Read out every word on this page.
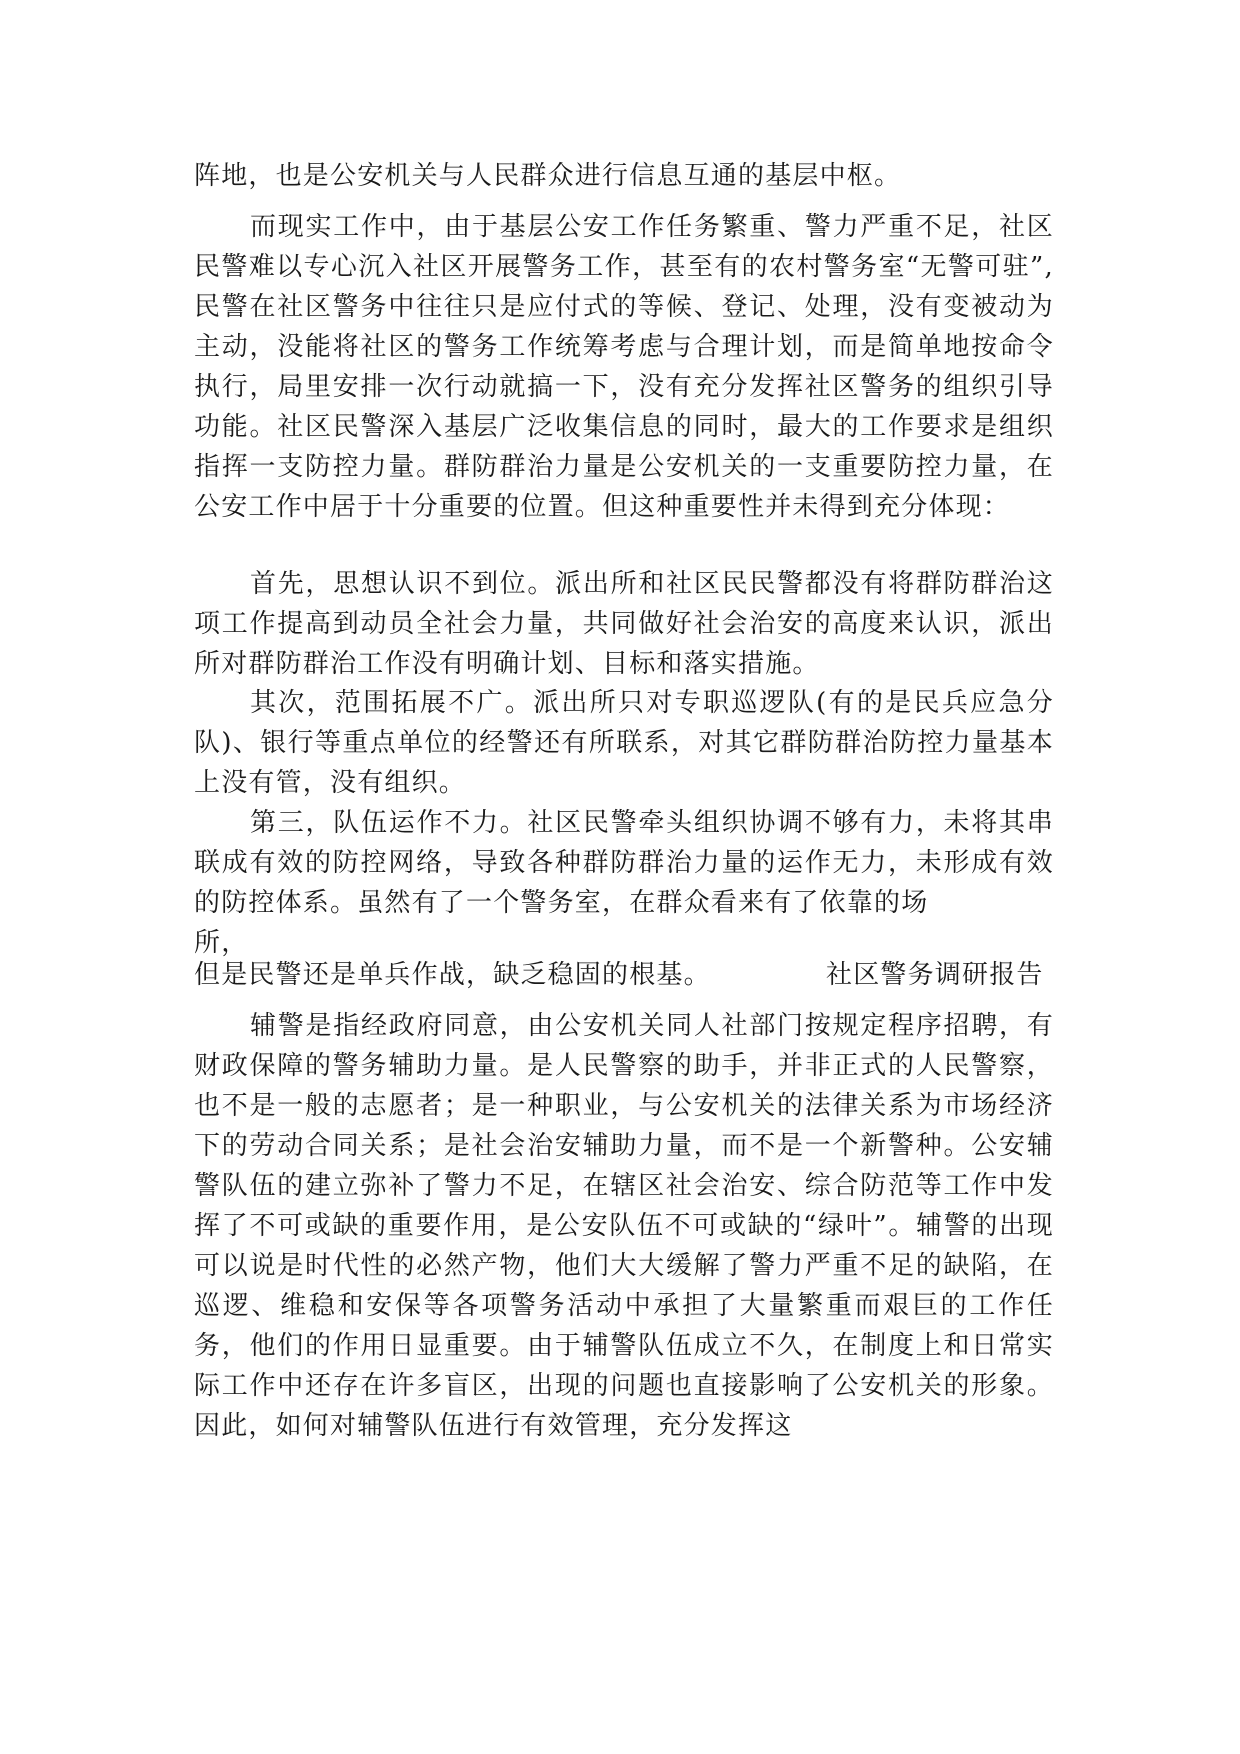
阵地，也是公安机关与人民群众进行信息互通的基层中枢。

而现实工作中，由于基层公安工作任务繁重、警力严重不足，社区民警难以专心沉入社区开展警务工作，甚至有的农村警务室“无警可驻”,民警在社区警务中往往只是应付式的等候、登记、处理，没有变被动为主动，没能将社区的警务工作统筹考虑与合理计划，而是简单地按命令执行，局里安排一次行动就搞一下，没有充分发挥社区警务的组织引导功能。社区民警深入基层广泛收集信息的同时，最大的工作要求是组织指挥一支防控力量。群防群治力量是公安机关的一支重要防控力量，在公安工作中居于十分重要的位置。但这种重要性并未得到充分体现：

首先，思想认识不到位。派出所和社区民民警都没有将群防群治这项工作提高到动员全社会力量，共同做好社会治安的高度来认识，派出所对群防群治工作没有明确计划、目标和落实措施。

其次，范围拓展不广。派出所只对专职巡逻队(有的是民兵应急分队)、银行等重点单位的经警还有所联系，对其它群防群治防控力量基本上没有管，没有组织。

第三，队伍运作不力。社区民警牵头组织协调不够有力，未将其串联成有效的防控网络，导致各种群防群治力量的运作无力，未形成有效的防控体系。虽然有了一个警务室，在群众看来有了依靠的场

所，

但是民警还是单兵作战，缺乏稳固的根基。	社区警务调研报告

辅警是指经政府同意，由公安机关同人社部门按规定程序招聘，有财政保障的警务辅助力量。是人民警察的助手，并非正式的人民警察，也不是一般的志愿者；是一种职业，与公安机关的法律关系为市场经济下的劳动合同关系；是社会治安辅助力量，而不是一个新警种。公安辅警队伍的建立弥补了警力不足，在辖区社会治安、综合防范等工作中发挥了不可或缺的重要作用，是公安队伍不可或缺的“绿叶”。辅警的出现可以说是时代性的必然产物，他们大大缓解了警力严重不足的缺陷，在巡逻、维稳和安保等各项警务活动中承担了大量繁重而艰巨的工作任务，他们的作用日显重要。由于辅警队伍成立不久，在制度上和日常实际工作中还存在许多盲区，出现的问题也直接影响了公安机关的形象。因此，如何对辅警队伍进行有效管理，充分发挥这
